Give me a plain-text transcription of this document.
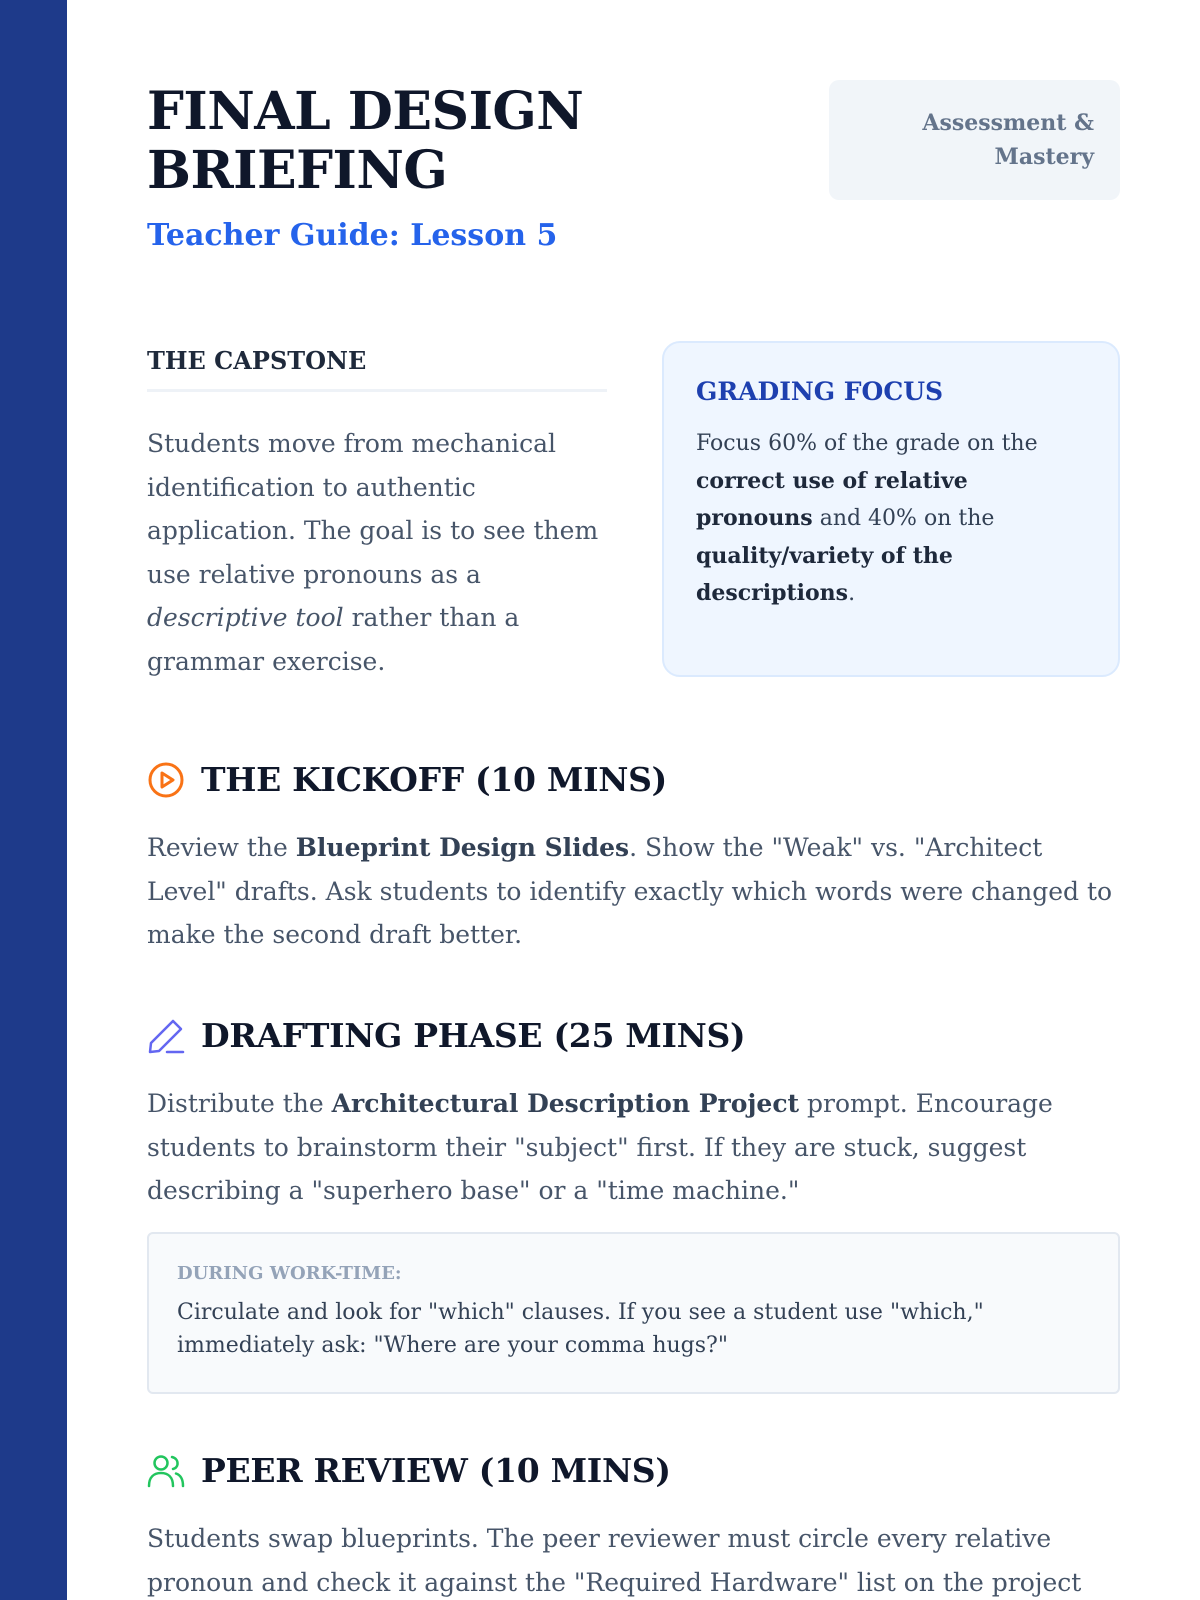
FINAL DESIGN BRIEFING
Teacher Guide: Lesson 5
Assessment & Mastery
THE CAPSTONE

Students move from mechanical identification to authentic application. The goal is to see them use relative pronouns as a descriptive tool rather than a grammar exercise.

GRADING FOCUS

Focus 60% of the grade on the correct use of relative pronouns and 40% on the quality/variety of the descriptions.

THE KICKOFF (10 MINS)

Review the Blueprint Design Slides. Show the "Weak" vs. "Architect Level" drafts. Ask students to identify exactly which words were changed to make the second draft better.

DRAFTING PHASE (25 MINS)

Distribute the Architectural Description Project prompt. Encourage students to brainstorm their "subject" first. If they are stuck, suggest describing a "superhero base" or a "time machine."

DURING WORK-TIME:

Circulate and look for "which" clauses. If you see a student use "which," immediately ask: "Where are your comma hugs?"

PEER REVIEW (10 MINS)

Students swap blueprints. The peer reviewer must circle every relative pronoun and check it against the "Required Hardware" list on the project
